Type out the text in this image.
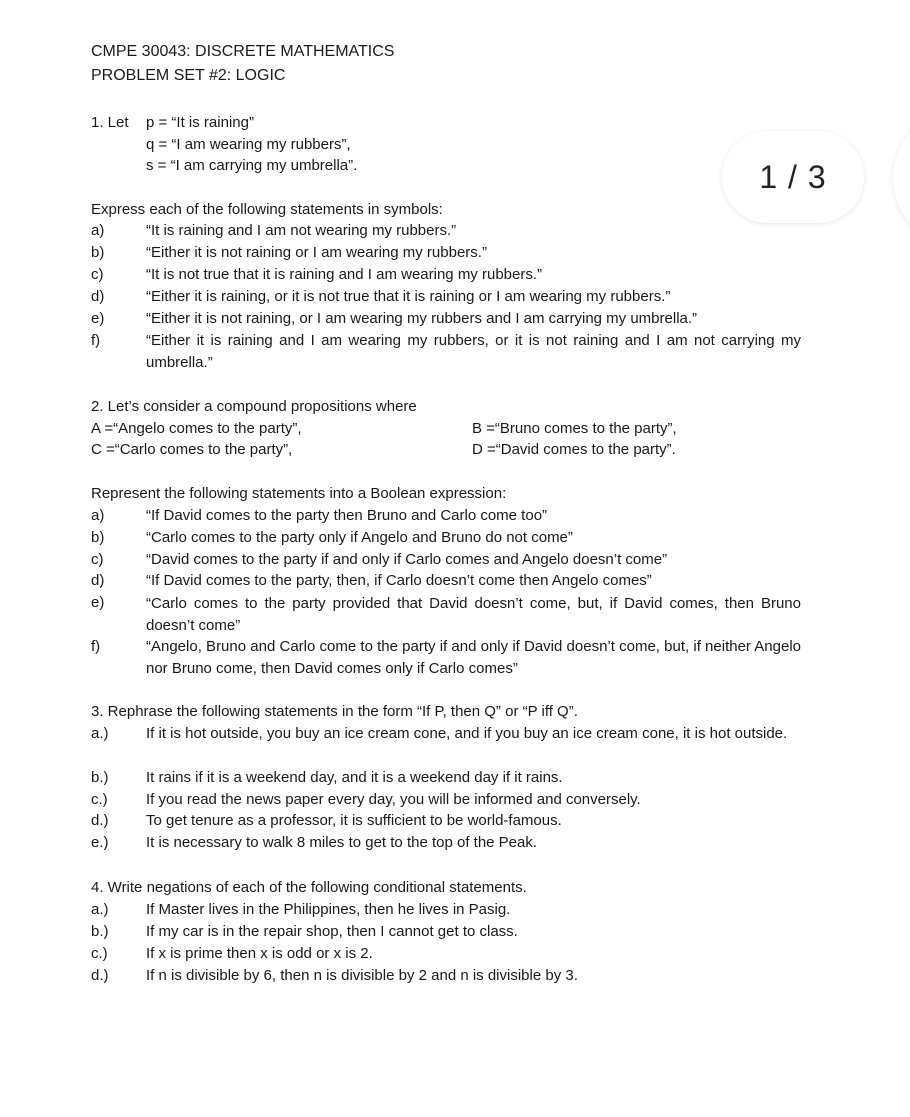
CMPE 30043: DISCRETE MATHEMATICS
PROBLEM SET #2: LOGIC
1. Let p = “It is raining”
q = “I am wearing my rubbers”,
s = “I am carrying my umbrella”.
Express each of the following statements in symbols:
a)	“It is raining and I am not wearing my rubbers.”
b)	“Either it is not raining or I am wearing my rubbers.”
c)	“It is not true that it is raining and I am wearing my rubbers.”
d)	“Either it is raining, or it is not true that it is raining or I am wearing my rubbers.”
e)	“Either it is not raining, or I am wearing my rubbers and I am carrying my umbrella.”
f)	“Either it is raining and I am wearing my rubbers, or it is not raining and I am not carrying my umbrella.”
2. Let’s consider a compound propositions where
A =“Angelo comes to the party”,	B =“Bruno comes to the party”,
C =“Carlo comes to the party”,	D =“David comes to the party”.
Represent the following statements into a Boolean expression:
a)	“If David comes to the party then Bruno and Carlo come too”
b)	“Carlo comes to the party only if Angelo and Bruno do not come”
c)	“David comes to the party if and only if Carlo comes and Angelo doesn’t come”
d)	“If David comes to the party, then, if Carlo doesn’t come then Angelo comes”
e)	“Carlo comes to the party provided that David doesn’t come, but, if David comes, then Bruno doesn’t come”
f)	“Angelo, Bruno and Carlo come to the party if and only if David doesn’t come, but, if neither Angelo nor Bruno come, then David comes only if Carlo comes”
3. Rephrase the following statements in the form “If P, then Q” or “P iff Q”.
a.) If it is hot outside, you buy an ice cream cone, and if you buy an ice cream cone, it is hot outside.
b.) It rains if it is a weekend day, and it is a weekend day if it rains.
c.)	If you read the news paper every day, you will be informed and conversely.
d.) To get tenure as a professor, it is sufficient to be world-famous.
e.) It is necessary to walk 8 miles to get to the top of the Peak.
4. Write negations of each of the following conditional statements.
a.) If Master lives in the Philippines, then he lives in Pasig.
b.) If my car is in the repair shop, then I cannot get to class.
c.)	If x is prime then x is odd or x is 2.
d.) If n is divisible by 6, then n is divisible by 2 and n is divisible by 3.
1 / 3
